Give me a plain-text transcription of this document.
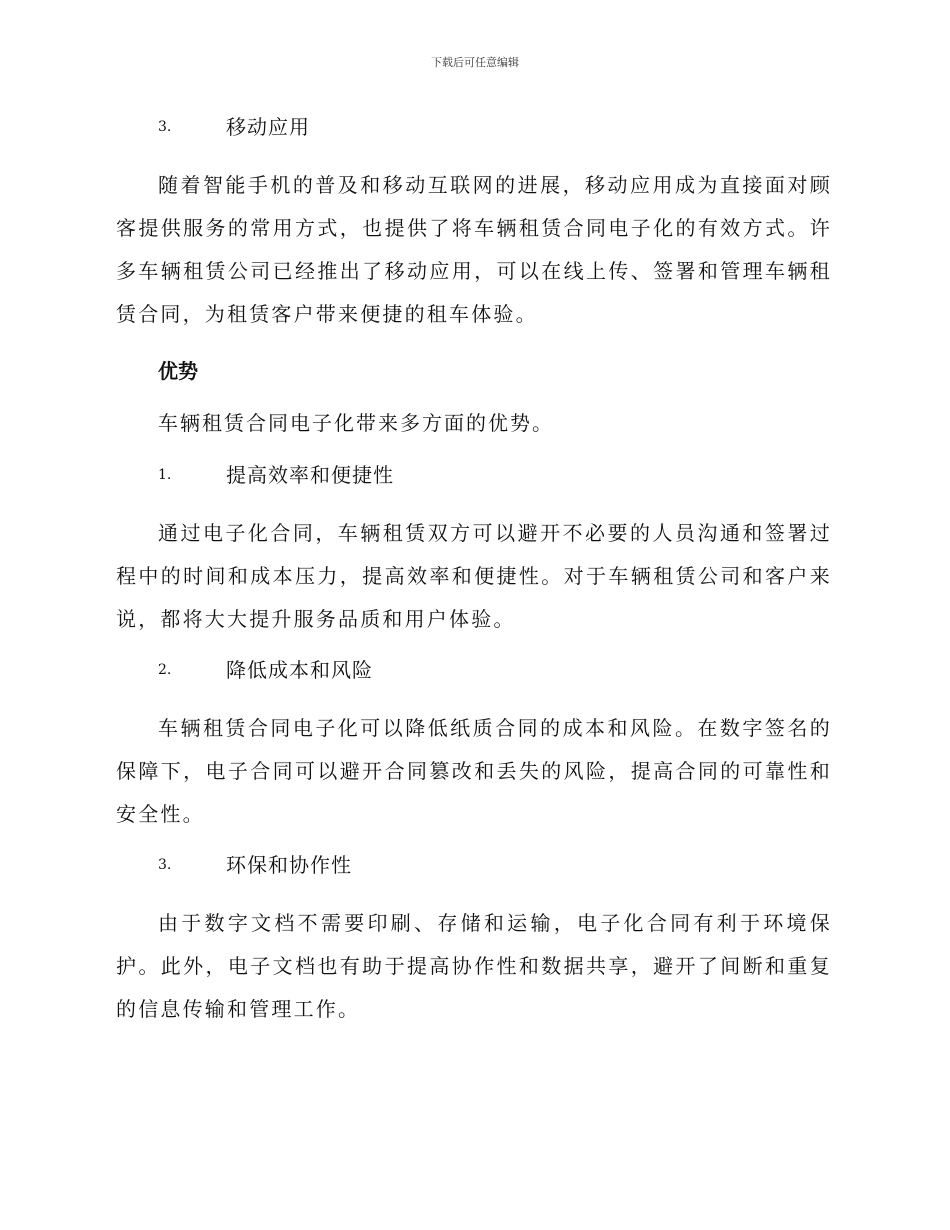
下载后可任意编辑
3.	移动应用

随着智能手机的普及和移动互联网的进展，移动应用成为直接面对顾客提供服务的常用方式，也提供了将车辆租赁合同电子化的有效方式。许多车辆租赁公司已经推出了移动应用，可以在线上传、签署和管理车辆租赁合同，为租赁客户带来便捷的租车体验。

优势
车辆租赁合同电子化带来多方面的优势。
1.	提高效率和便捷性

通过电子化合同，车辆租赁双方可以避开不必要的人员沟通和签署过程中的时间和成本压力，提高效率和便捷性。对于车辆租赁公司和客户来说，都将大大提升服务品质和用户体验。

2.	降低成本和风险

车辆租赁合同电子化可以降低纸质合同的成本和风险。在数字签名的保障下，电子合同可以避开合同篡改和丢失的风险，提高合同的可靠性和安全性。

3.	环保和协作性

由于数字文档不需要印刷、存储和运输，电子化合同有利于环境保护。此外，电子文档也有助于提高协作性和数据共享，避开了间断和重复的信息传输和管理工作。
